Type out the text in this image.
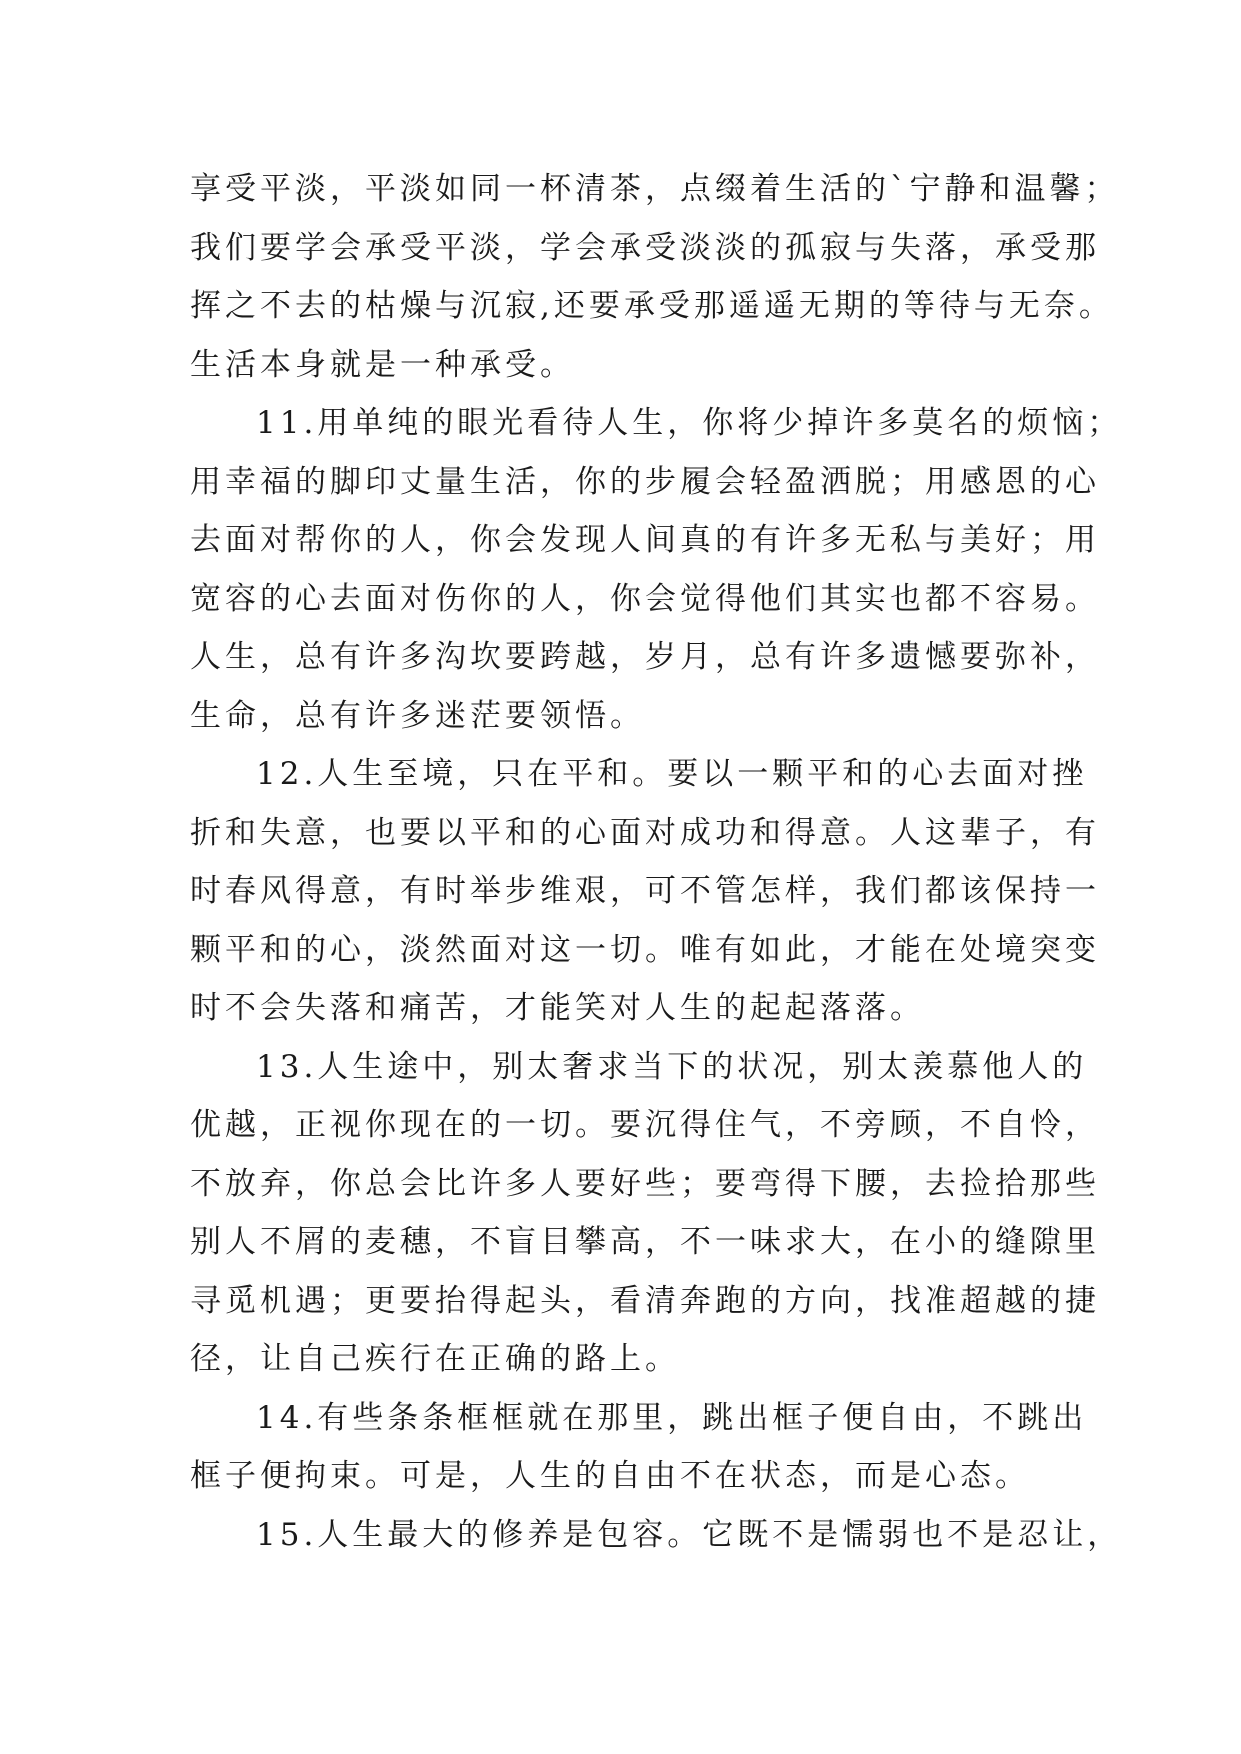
享受平淡，平淡如同一杯清茶，点缀着生活的`宁静和温馨；
我们要学会承受平淡，学会承受淡淡的孤寂与失落，承受那
挥之不去的枯燥与沉寂,还要承受那遥遥无期的等待与无奈。
生活本身就是一种承受。
11.用单纯的眼光看待人生，你将少掉许多莫名的烦恼；
用幸福的脚印丈量生活，你的步履会轻盈洒脱；用感恩的心
去面对帮你的人，你会发现人间真的有许多无私与美好；用
宽容的心去面对伤你的人，你会觉得他们其实也都不容易。
人生，总有许多沟坎要跨越，岁月，总有许多遗憾要弥补，
生命，总有许多迷茫要领悟。
12.人生至境，只在平和。要以一颗平和的心去面对挫
折和失意，也要以平和的心面对成功和得意。人这辈子，有
时春风得意，有时举步维艰，可不管怎样，我们都该保持一
颗平和的心，淡然面对这一切。唯有如此，才能在处境突变
时不会失落和痛苦，才能笑对人生的起起落落。
13.人生途中，别太奢求当下的状况，别太羡慕他人的
优越，正视你现在的一切。要沉得住气，不旁顾，不自怜，
不放弃，你总会比许多人要好些；要弯得下腰，去捡拾那些
别人不屑的麦穗，不盲目攀高，不一味求大，在小的缝隙里
寻觅机遇；更要抬得起头，看清奔跑的方向，找准超越的捷
径，让自己疾行在正确的路上。
14.有些条条框框就在那里，跳出框子便自由，不跳出
框子便拘束。可是，人生的自由不在状态，而是心态。
15.人生最大的修养是包容。它既不是懦弱也不是忍让，
